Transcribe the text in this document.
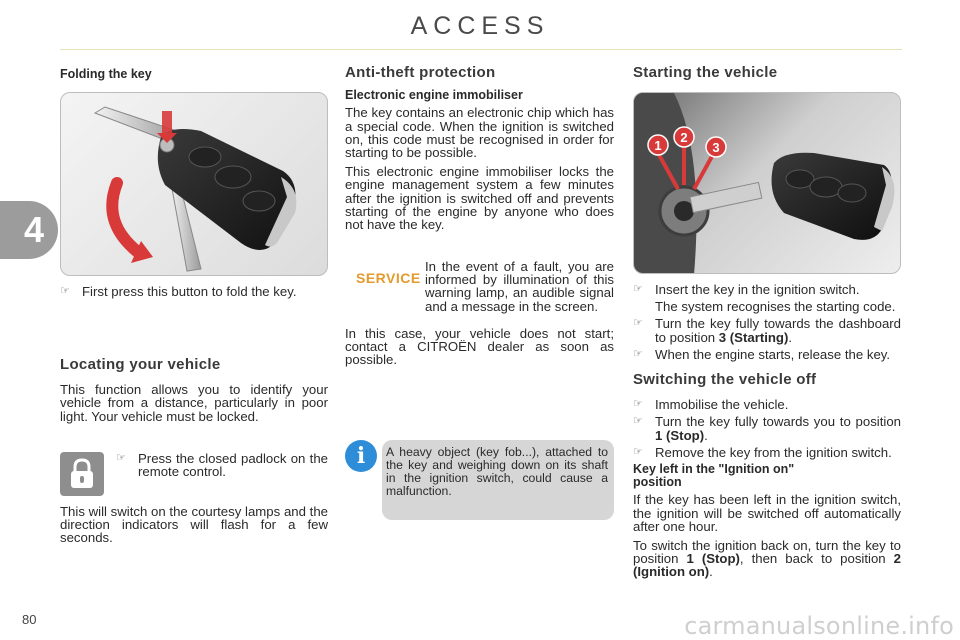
ACCESS
4
Folding the key
☞ First press this button to fold the key.
Locating your vehicle

This function allows you to identify your vehicle from a distance, particularly in poor light. Your vehicle must be locked.

☞ Press the closed padlock on the remote control.

This will switch on the courtesy lamps and the direction indicators will flash for a few seconds.

Anti-theft protection
Electronic engine immobiliser

The key contains an electronic chip which has a special code. When the ignition is switched on, this code must be recognised in order for starting to be possible.

This electronic engine immobiliser locks the engine management system a few minutes after the ignition is switched off and prevents starting of the engine by anyone who does not have the key.

SERVICE

In the event of a fault, you are informed by illumination of this warning lamp, an audible signal and a message in the screen.

In this case, your vehicle does not start; contact a CITROËN dealer as soon as possible.

i	A heavy object (key fob...), attached to the key and weighing down on its shaft in the ignition switch, could cause a malfunction.
Starting the vehicle
1
2
3
☞ Insert the key in the ignition switch.
The system recognises the starting code.
☞ Turn the key fully towards the dashboard to position 3 (Starting).
☞ When the engine starts, release the key.
Switching the vehicle off
☞ Immobilise the vehicle.
☞ Turn the key fully towards you to position 1 (Stop).
☞ Remove the key from the ignition switch.
Key left in the "Ignition on" position

If the key has been left in the ignition switch, the ignition will be switched off automatically after one hour.

To switch the ignition back on, turn the key to position 1 (Stop), then back to position 2 (Ignition on).

80	carmanualsonline.info
